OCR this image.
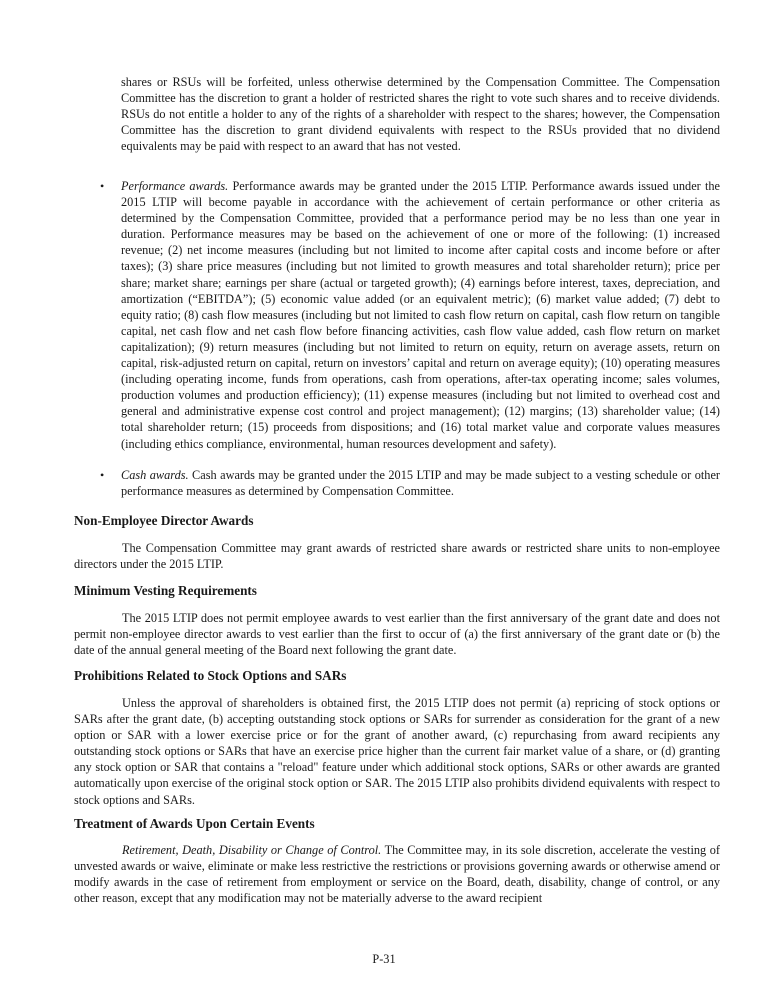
shares or RSUs will be forfeited, unless otherwise determined by the Compensation Committee. The Compensation Committee has the discretion to grant a holder of restricted shares the right to vote such shares and to receive dividends. RSUs do not entitle a holder to any of the rights of a shareholder with respect to the shares; however, the Compensation Committee has the discretion to grant dividend equivalents with respect to the RSUs provided that no dividend equivalents may be paid with respect to an award that has not vested.

• Performance awards. Performance awards may be granted under the 2015 LTIP. Performance awards issued under the 2015 LTIP will become payable in accordance with the achievement of certain performance or other criteria as determined by the Compensation Committee, provided that a performance period may be no less than one year in duration. Performance measures may be based on the achievement of one or more of the following: (1) increased revenue; (2) net income measures (including but not limited to income after capital costs and income before or after taxes); (3) share price measures (including but not limited to growth measures and total shareholder return); price per share; market share; earnings per share (actual or targeted growth); (4) earnings before interest, taxes, depreciation, and amortization (“EBITDA”); (5) economic value added (or an equivalent metric); (6) market value added; (7) debt to equity ratio; (8) cash flow measures (including but not limited to cash flow return on capital, cash flow return on tangible capital, net cash flow and net cash flow before financing activities, cash flow value added, cash flow return on market capitalization); (9) return measures (including but not limited to return on equity, return on average assets, return on capital, risk-adjusted return on capital, return on investors’ capital and return on average equity); (10) operating measures (including operating income, funds from operations, cash from operations, after-tax operating income; sales volumes, production volumes and production efficiency); (11) expense measures (including but not limited to overhead cost and general and administrative expense cost control and project management); (12) margins; (13) shareholder value; (14) total shareholder return; (15) proceeds from dispositions; and (16) total market value and corporate values measures (including ethics compliance, environmental, human resources development and safety).

• Cash awards. Cash awards may be granted under the 2015 LTIP and may be made subject to a vesting schedule or other performance measures as determined by Compensation Committee.

Non-Employee Director Awards

The Compensation Committee may grant awards of restricted share awards or restricted share units to non-employee directors under the 2015 LTIP.

Minimum Vesting Requirements

The 2015 LTIP does not permit employee awards to vest earlier than the first anniversary of the grant date and does not permit non-employee director awards to vest earlier than the first to occur of (a) the first anniversary of the grant date or (b) the date of the annual general meeting of the Board next following the grant date.

Prohibitions Related to Stock Options and SARs

Unless the approval of shareholders is obtained first, the 2015 LTIP does not permit (a) repricing of stock options or SARs after the grant date, (b) accepting outstanding stock options or SARs for surrender as consideration for the grant of a new option or SAR with a lower exercise price or for the grant of another award, (c) repurchasing from award recipients any outstanding stock options or SARs that have an exercise price higher than the current fair market value of a share, or (d) granting any stock option or SAR that contains a "reload" feature under which additional stock options, SARs or other awards are granted automatically upon exercise of the original stock option or SAR. The 2015 LTIP also prohibits dividend equivalents with respect to stock options and SARs.

Treatment of Awards Upon Certain Events

Retirement, Death, Disability or Change of Control. The Committee may, in its sole discretion, accelerate the vesting of unvested awards or waive, eliminate or make less restrictive the restrictions or provisions governing awards or otherwise amend or modify awards in the case of retirement from employment or service on the Board, death, disability, change of control, or any other reason, except that any modification may not be materially adverse to the award recipient

P-31
